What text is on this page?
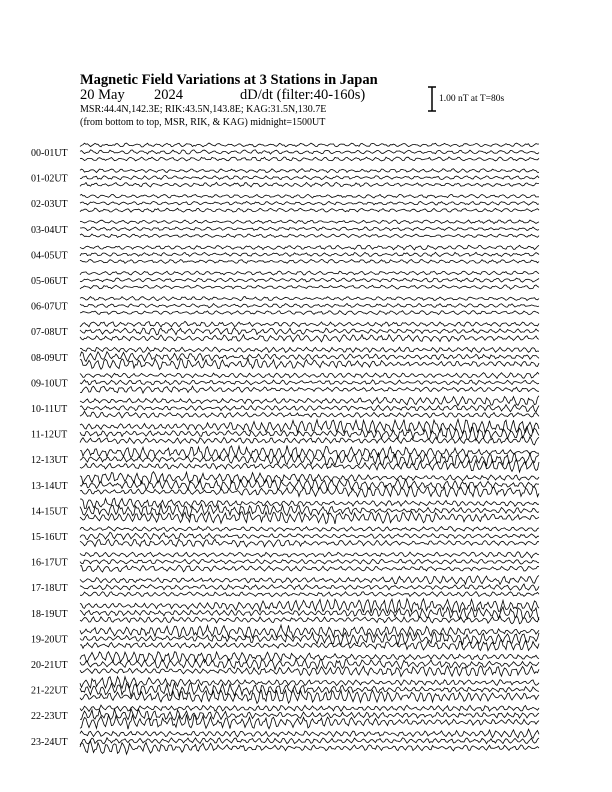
Magnetic Field Variations at 3 Stations in Japan
20 May 2024	dD/dt (filter:40-160s)
MSR:44.4N,142.3E; RIK:43.5N,143.8E; KAG:31.5N,130.7E
(from bottom to top, MSR, RIK, & KAG) midnight=1500UT
1.00 nT at T=80s
00-01UT
01-02UT
02-03UT
03-04UT
04-05UT
05-06UT
06-07UT
07-08UT
08-09UT
09-10UT
10-11UT
11-12UT
12-13UT
13-14UT
14-15UT
15-16UT
16-17UT
17-18UT
18-19UT
19-20UT
20-21UT
21-22UT
22-23UT
23-24UT
